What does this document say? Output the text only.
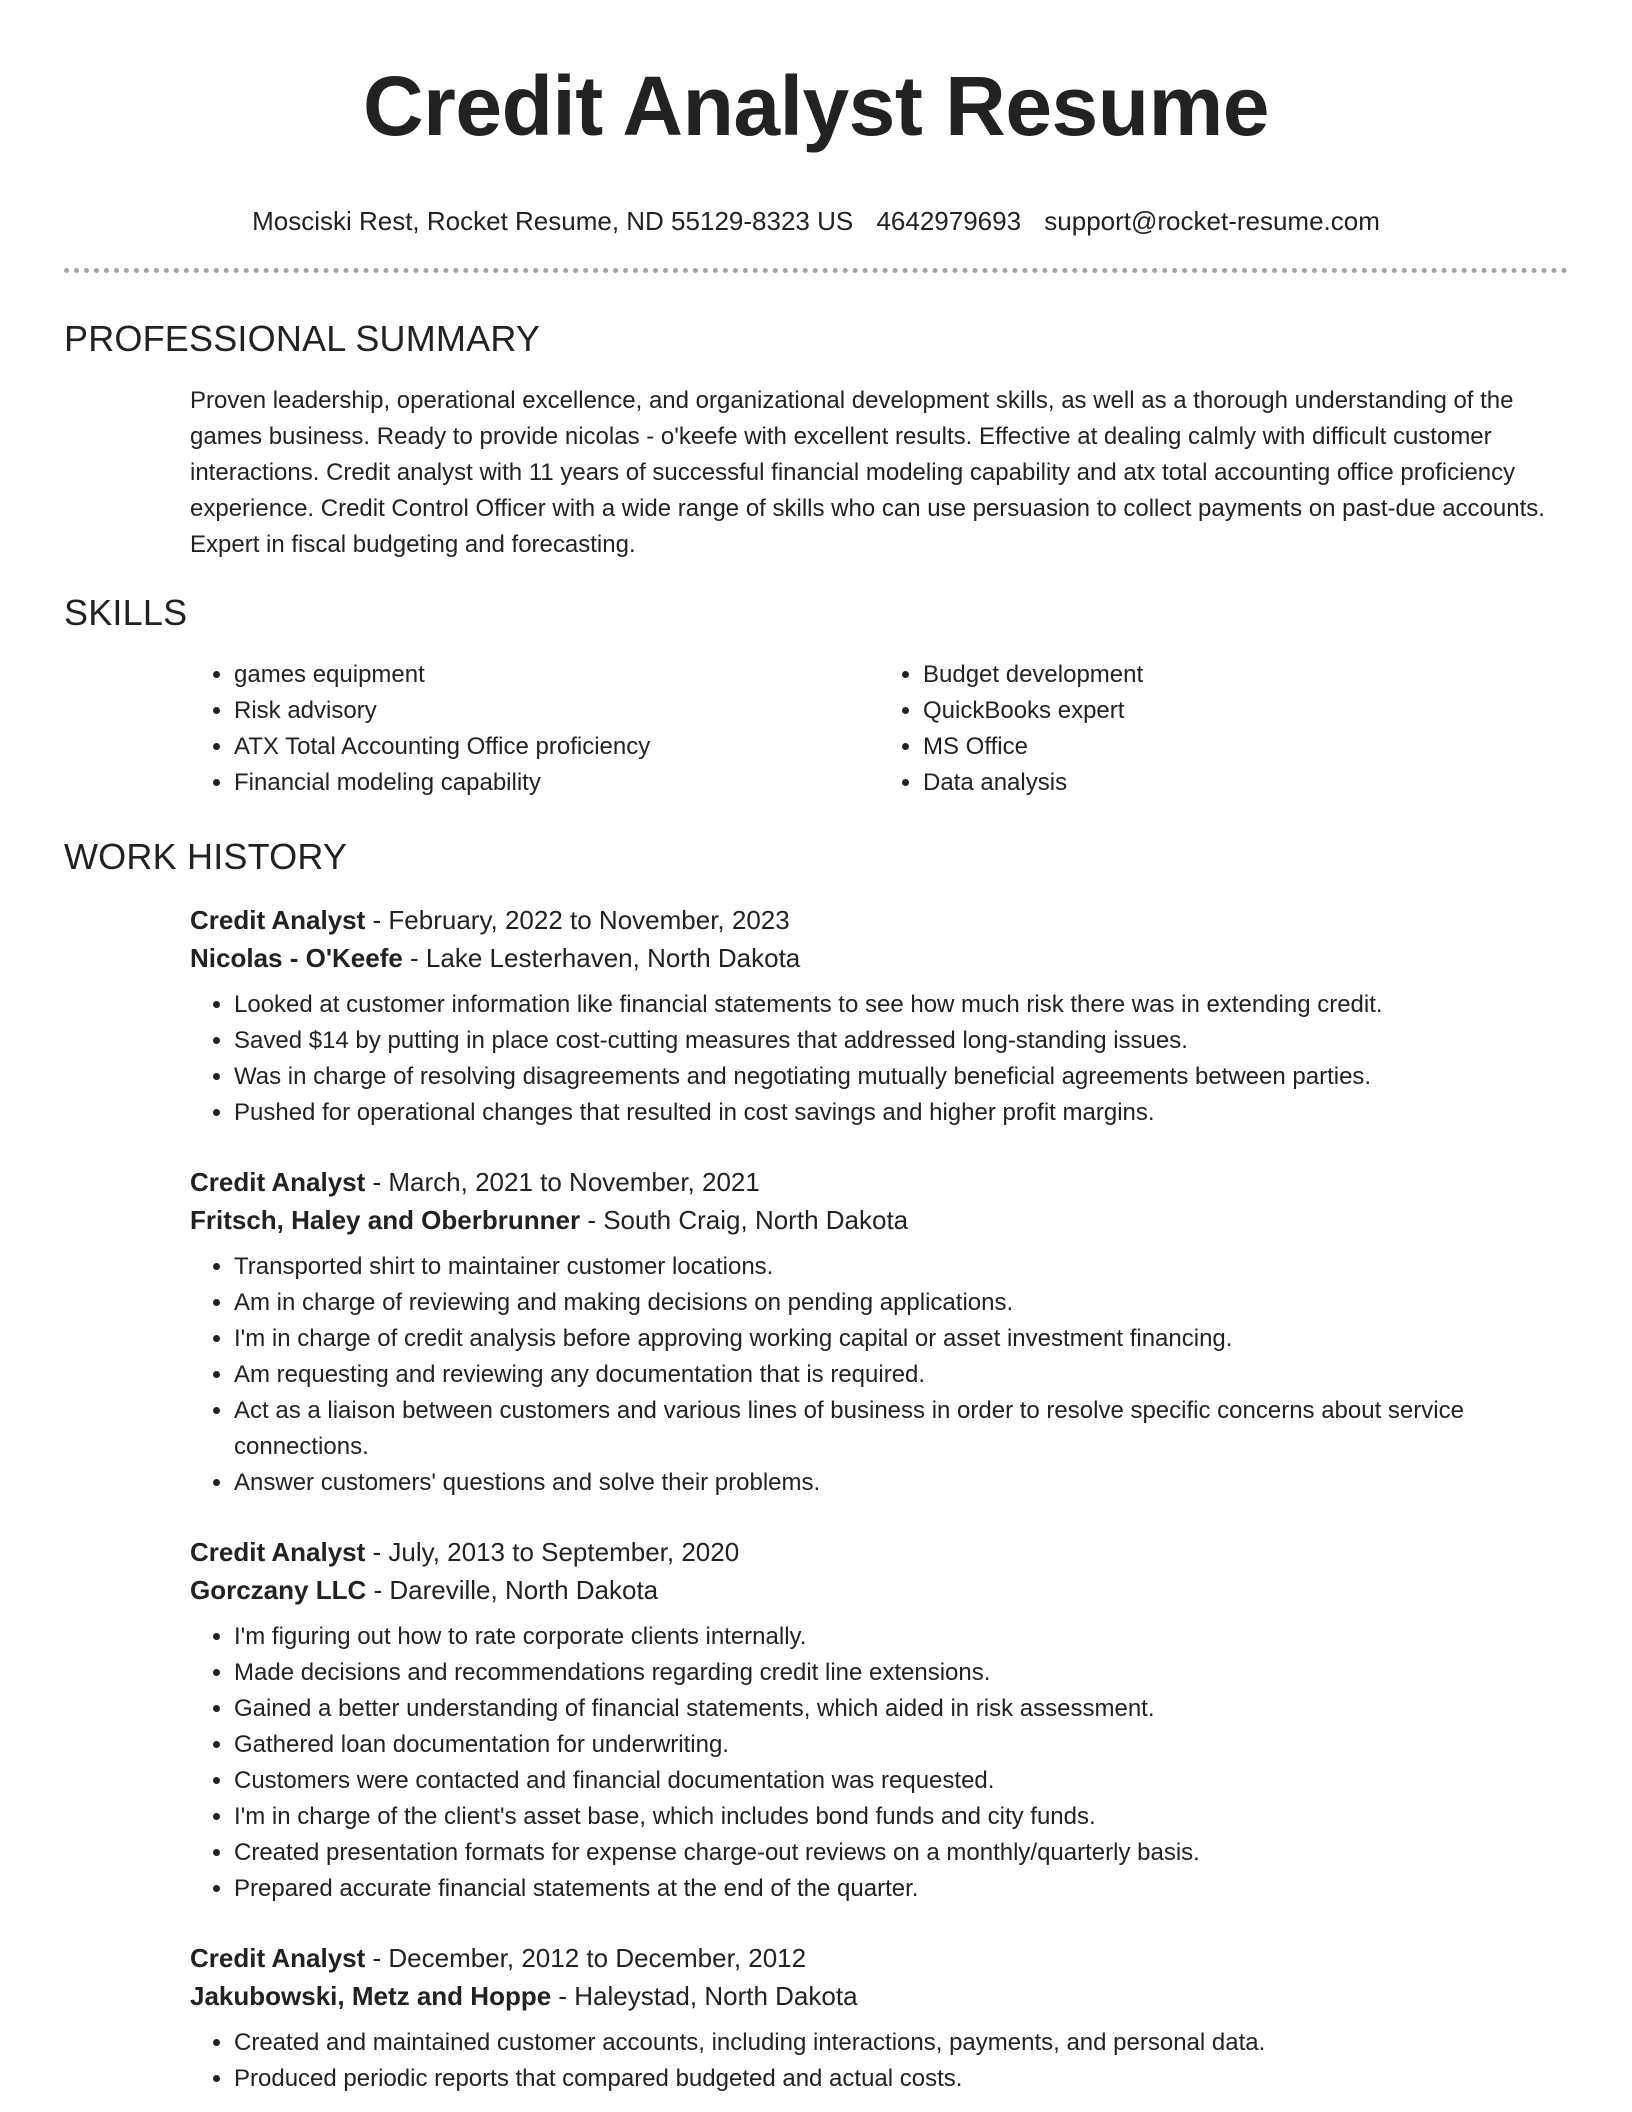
Credit Analyst Resume
Mosciski Rest, Rocket Resume, ND 55129-8323 US 4642979693 support@rocket-resume.com
PROFESSIONAL SUMMARY

Proven leadership, operational excellence, and organizational development skills, as well as a thorough understanding of the games business. Ready to provide nicolas - o'keefe with excellent results. Effective at dealing calmly with difficult customer interactions. Credit analyst with 11 years of successful financial modeling capability and atx total accounting office proficiency experience. Credit Control Officer with a wide range of skills who can use persuasion to collect payments on past-due accounts. Expert in fiscal budgeting and forecasting.

SKILLS
• games equipment
• Risk advisory
• ATX Total Accounting Office proficiency
• Financial modeling capability
• Budget development
• QuickBooks expert
• MS Office
• Data analysis
WORK HISTORY
Credit Analyst - February, 2022 to November, 2023
Nicolas - O'Keefe - Lake Lesterhaven, North Dakota
• Looked at customer information like financial statements to see how much risk there was in extending credit.
• Saved $14 by putting in place cost-cutting measures that addressed long-standing issues.
• Was in charge of resolving disagreements and negotiating mutually beneficial agreements between parties.
• Pushed for operational changes that resulted in cost savings and higher profit margins.
Credit Analyst - March, 2021 to November, 2021
Fritsch, Haley and Oberbrunner - South Craig, North Dakota
• Transported shirt to maintainer customer locations.
• Am in charge of reviewing and making decisions on pending applications.
• I'm in charge of credit analysis before approving working capital or asset investment financing.
• Am requesting and reviewing any documentation that is required.
• Act as a liaison between customers and various lines of business in order to resolve specific concerns about service connections.
• Answer customers' questions and solve their problems.
Credit Analyst - July, 2013 to September, 2020
Gorczany LLC - Dareville, North Dakota
• I'm figuring out how to rate corporate clients internally.
• Made decisions and recommendations regarding credit line extensions.
• Gained a better understanding of financial statements, which aided in risk assessment.
• Gathered loan documentation for underwriting.
• Customers were contacted and financial documentation was requested.
• I'm in charge of the client's asset base, which includes bond funds and city funds.
• Created presentation formats for expense charge-out reviews on a monthly/quarterly basis.
• Prepared accurate financial statements at the end of the quarter.
Credit Analyst - December, 2012 to December, 2012
Jakubowski, Metz and Hoppe - Haleystad, North Dakota
• Created and maintained customer accounts, including interactions, payments, and personal data.
• Produced periodic reports that compared budgeted and actual costs.
